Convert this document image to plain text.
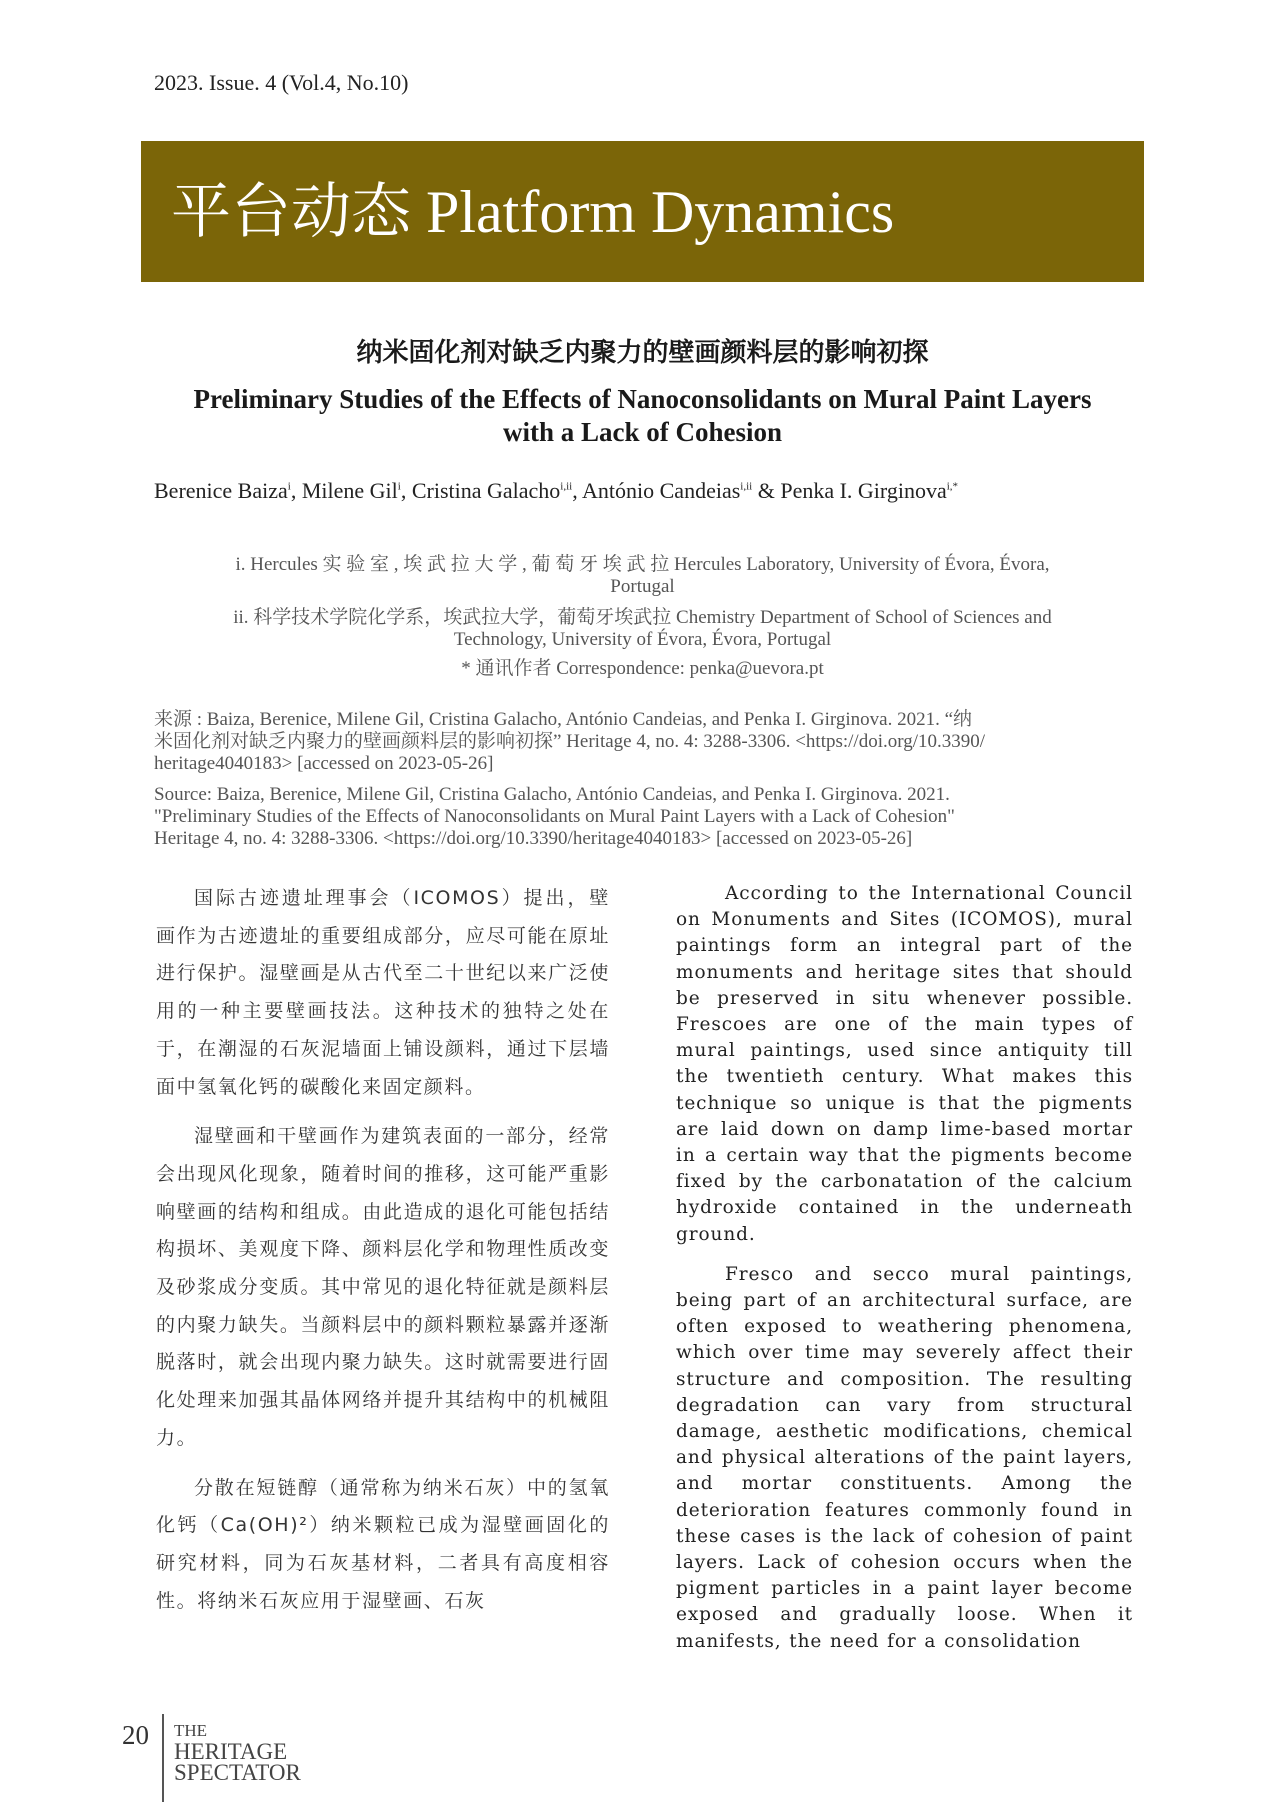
2023. Issue. 4 (Vol.4, No.10)
平台动态 Platform Dynamics
纳米固化剂对缺乏内聚力的壁画颜料层的影响初探
Preliminary Studies of the Effects of Nanoconsolidants on Mural Paint Layers
with a Lack of Cohesion
Berenice Baiza$^i$, Milene Gil$^i$, Cristina Galacho$^{i,ii}$, António Candeias$^{i,ii}$ & Penka I. Girginova$^{i,*}$
i. Hercules 实 验 室 , 埃 武 拉 大 学 , 葡 萄 牙 埃 武 拉 Hercules Laboratory, University of Évora, Évora,
Portugal
ii. 科学技术学院化学系，埃武拉大学，葡萄牙埃武拉 Chemistry Department of School of Sciences and
Technology, University of Évora, Évora, Portugal
* 通讯作者 Correspondence: penka@uevora.pt
来源 : Baiza, Berenice, Milene Gil, Cristina Galacho, António Candeias, and Penka I. Girginova. 2021. “纳
米固化剂对缺乏内聚力的壁画颜料层的影响初探” Heritage 4, no. 4: 3288-3306. <https://doi.org/10.3390/
heritage4040183> [accessed on 2023-05-26]
Source: Baiza, Berenice, Milene Gil, Cristina Galacho, António Candeias, and Penka I. Girginova. 2021.
"Preliminary Studies of the Effects of Nanoconsolidants on Mural Paint Layers with a Lack of Cohesion"
Heritage 4, no. 4: 3288-3306. <https://doi.org/10.3390/heritage4040183> [accessed on 2023-05-26]

国际古迹遗址理事会（ICOMOS）提出，壁画作为古迹遗址的重要组成部分，应尽可能在原址进行保护。湿壁画是从古代至二十世纪以来广泛使用的一种主要壁画技法。这种技术的独特之处在于，在潮湿的石灰泥墙面上铺设颜料，通过下层墙面中氢氧化钙的碳酸化来固定颜料。

湿壁画和干壁画作为建筑表面的一部分，经常会出现风化现象，随着时间的推移，这可能严重影响壁画的结构和组成。由此造成的退化可能包括结构损坏、美观度下降、颜料层化学和物理性质改变及砂浆成分变质。其中常见的退化特征就是颜料层的内聚力缺失。当颜料层中的颜料颗粒暴露并逐渐脱落时，就会出现内聚力缺失。这时就需要进行固化处理来加强其晶体网络并提升其结构中的机械阻力。

分散在短链醇（通常称为纳米石灰）中的氢氧化钙（Ca(OH)²）纳米颗粒已成为湿壁画固化的研究材料，同为石灰基材料，二者具有高度相容性。将纳米石灰应用于湿壁画、石灰

According to the International Council on Monuments and Sites (ICOMOS), mural paintings form an integral part of the monuments and heritage sites that should be preserved in situ whenever possible. Frescoes are one of the main types of mural paintings, used since antiquity till the twentieth century. What makes this technique so unique is that the pigments are laid down on damp lime-based mortar in a certain way that the pigments become fixed by the carbonatation of the calcium hydroxide contained in the underneath ground.

Fresco and secco mural paintings, being part of an architectural surface, are often exposed to weathering phenomena, which over time may severely affect their structure and composition. The resulting degradation can vary from structural damage, aesthetic modifications, chemical and physical alterations of the paint layers, and mortar constituents. Among the deterioration features commonly found in these cases is the lack of cohesion of paint layers. Lack of cohesion occurs when the pigment particles in a paint layer become exposed and gradually loose. When it manifests, the need for a consolidation

20 THE
HERITAGE
SPECTATOR
